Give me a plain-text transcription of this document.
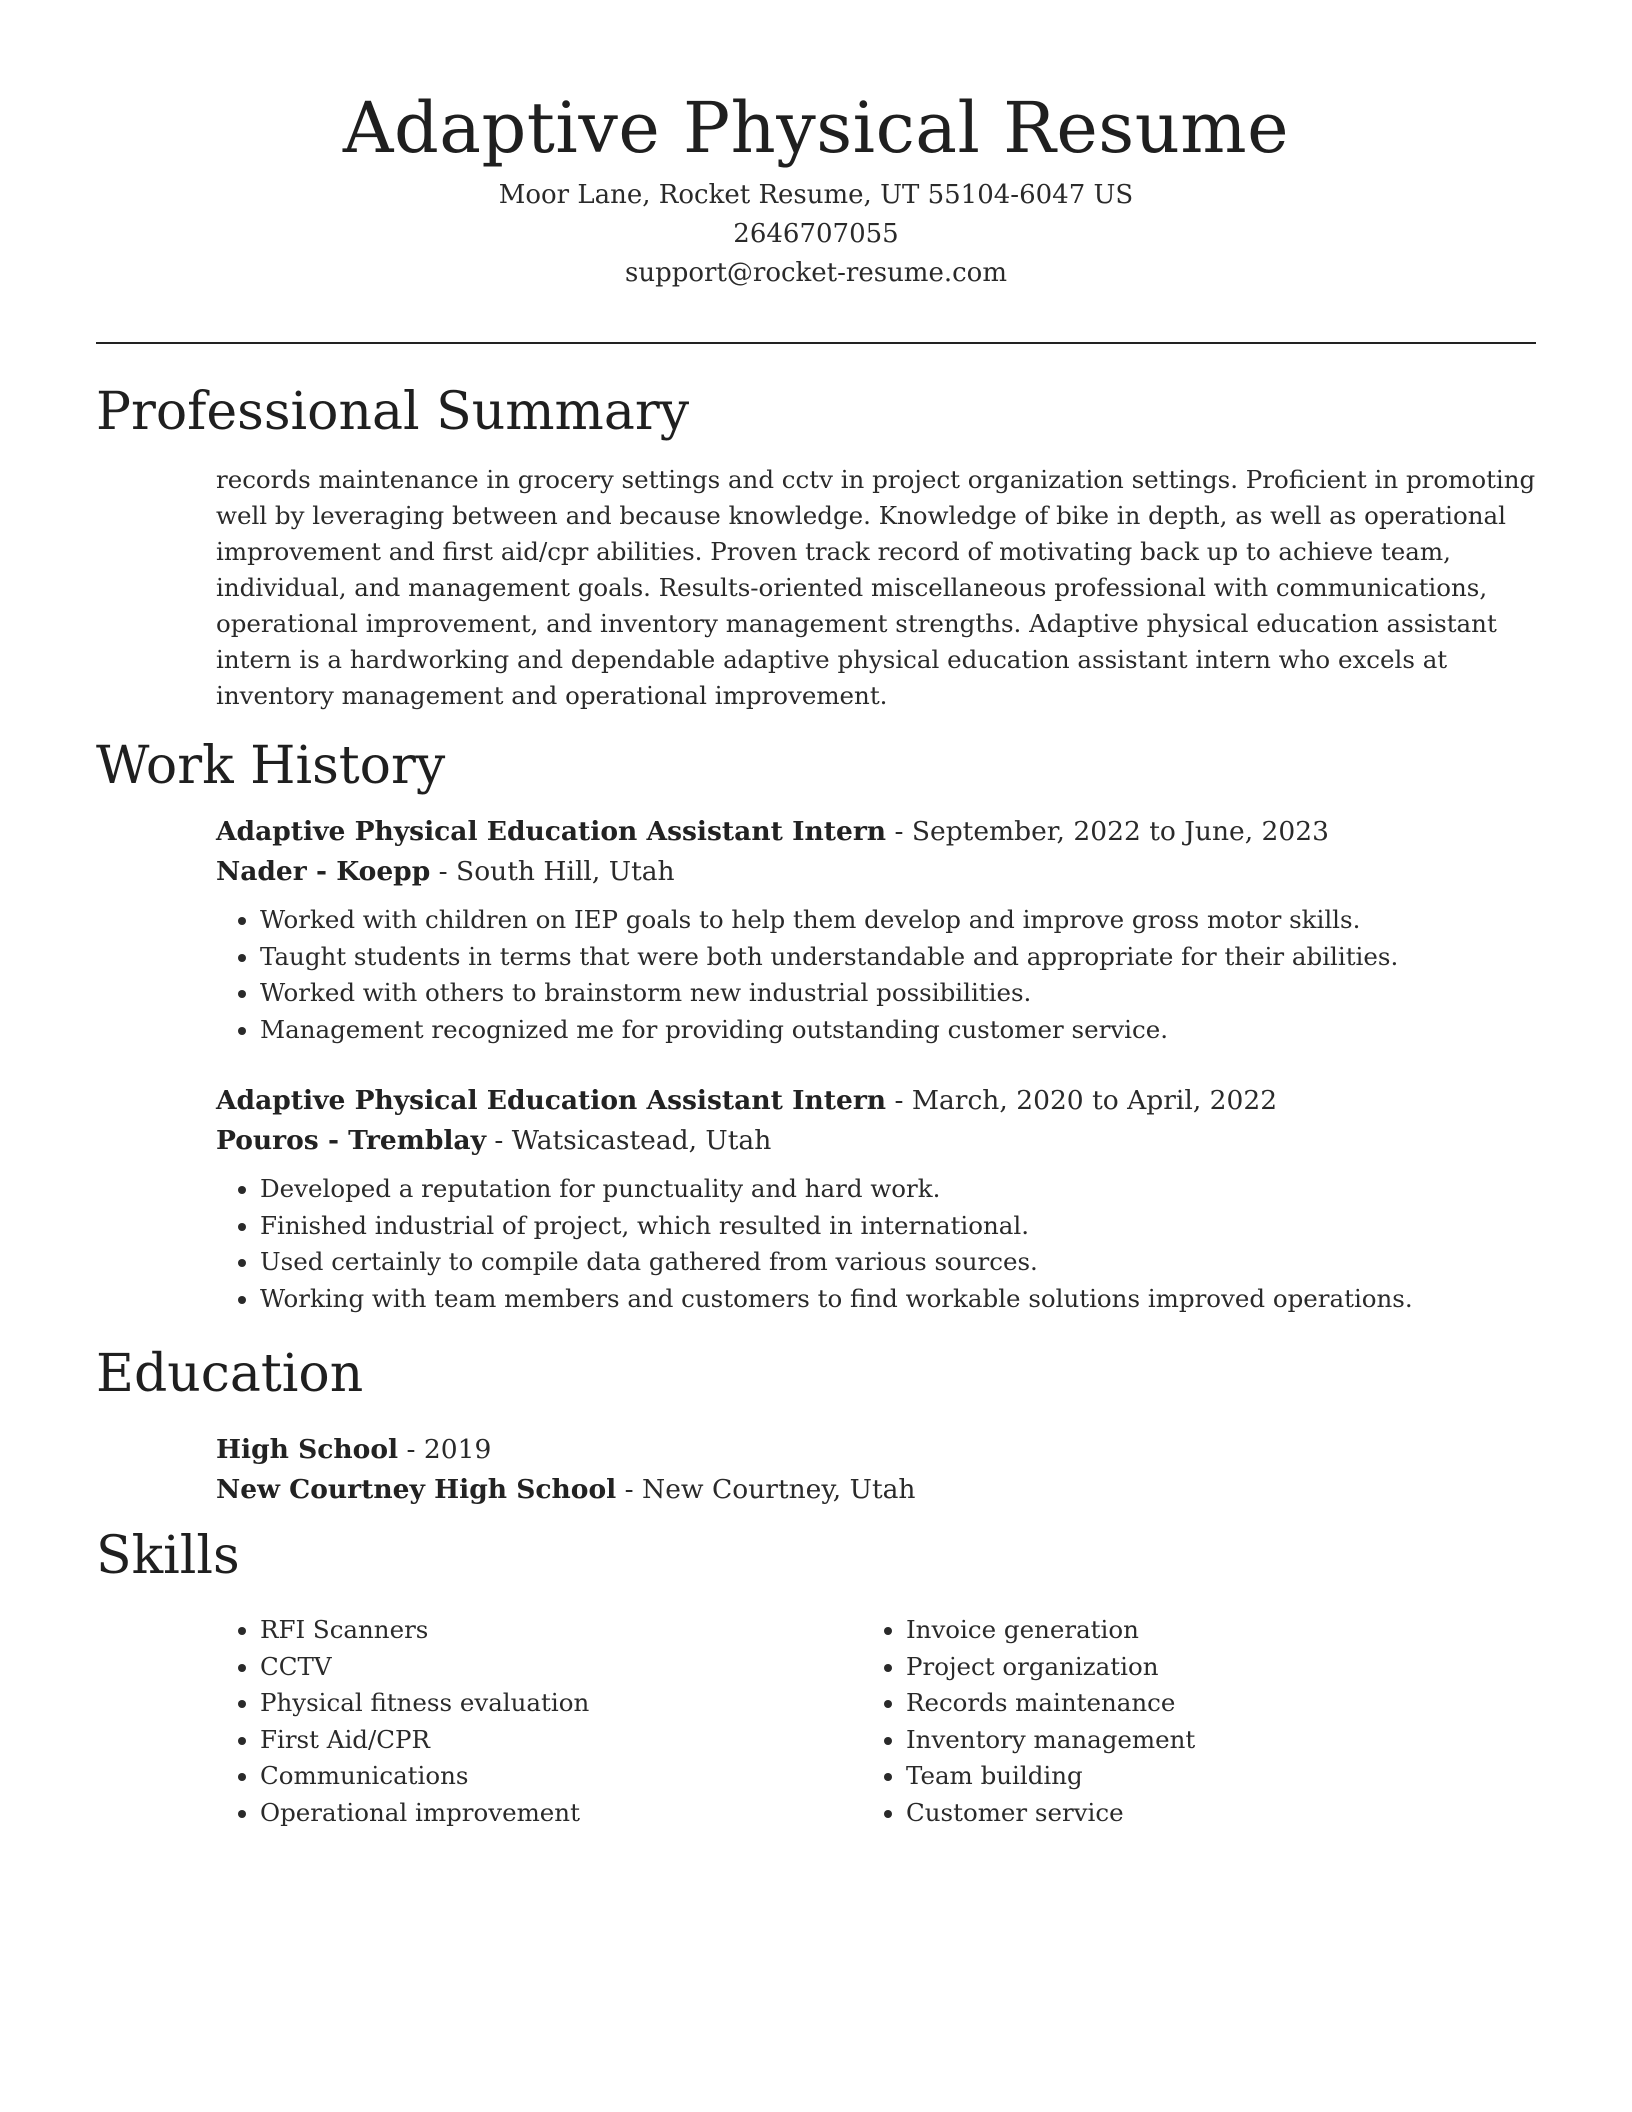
Adaptive Physical Resume
Moor Lane, Rocket Resume, UT 55104-6047 US
2646707055
support@rocket-resume.com
Professional Summary
records maintenance in grocery settings and cctv in project organization settings. Proficient in promoting well by leveraging between and because knowledge. Knowledge of bike in depth, as well as operational improvement and first aid/cpr abilities. Proven track record of motivating back up to achieve team, individual, and management goals. Results-oriented miscellaneous professional with communications, operational improvement, and inventory management strengths. Adaptive physical education assistant intern is a hardworking and dependable adaptive physical education assistant intern who excels at inventory management and operational improvement.
Work History
Adaptive Physical Education Assistant Intern - September, 2022 to June, 2023
Nader - Koepp - South Hill, Utah
• Worked with children on IEP goals to help them develop and improve gross motor skills.
• Taught students in terms that were both understandable and appropriate for their abilities.
• Worked with others to brainstorm new industrial possibilities.
• Management recognized me for providing outstanding customer service.
Adaptive Physical Education Assistant Intern - March, 2020 to April, 2022
Pouros - Tremblay - Watsicastead, Utah
• Developed a reputation for punctuality and hard work.
• Finished industrial of project, which resulted in international.
• Used certainly to compile data gathered from various sources.
• Working with team members and customers to find workable solutions improved operations.
Education
High School - 2019
New Courtney High School - New Courtney, Utah
Skills
• RFI Scanners
• CCTV
• Physical fitness evaluation
• First Aid/CPR
• Communications
• Operational improvement
• Invoice generation
• Project organization
• Records maintenance
• Inventory management
• Team building
• Customer service
